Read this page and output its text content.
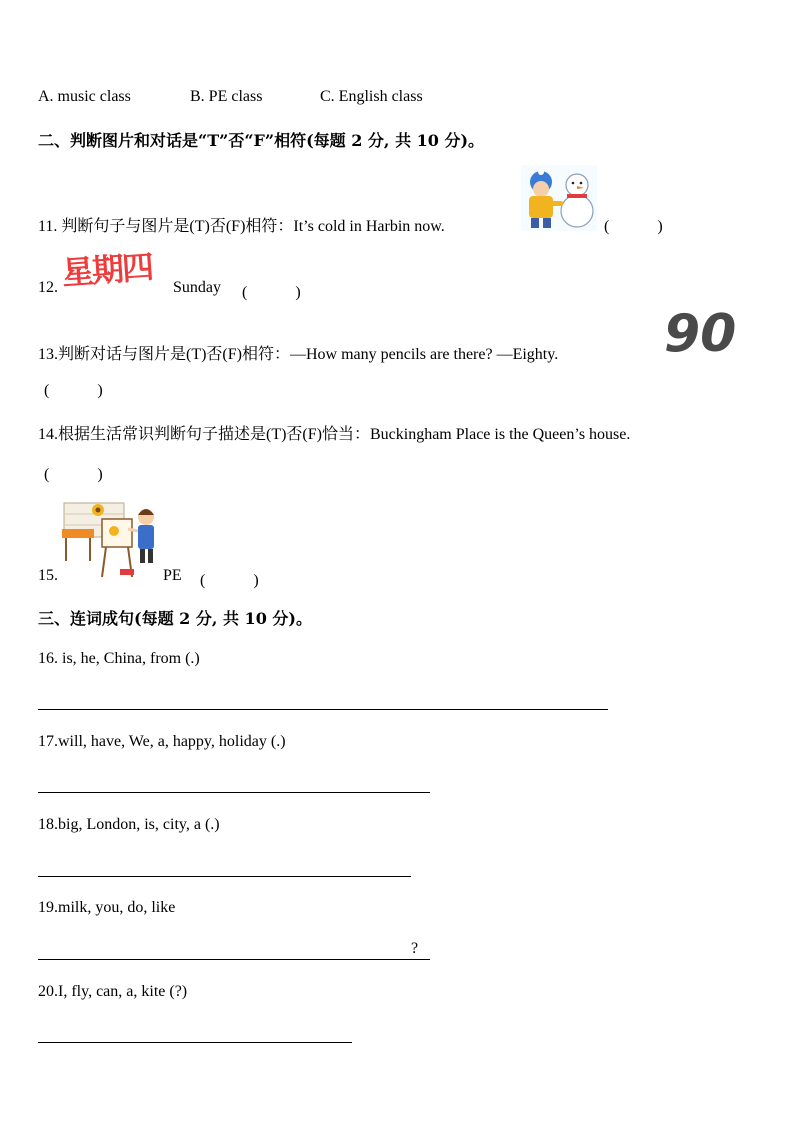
A. music class	B. PE class	C. English class
二、判断图片和对话是“T”否“F”相符(每题 2 分, 共 10 分)。
11. 判断句子与图片是(T)否(F)相符：It’s cold in Harbin now.	(　　　)
12. 星期四 Sunday (　　　)
13.判断对话与图片是(T)否(F)相符：—How many pencils are there? —Eighty. 90
(　　　)
14.根据生活常识判断句子描述是(T)否(F)恰当：Buckingham Place is the Queen’s house.
(　　　)
15.	PE (　　　)
三、连词成句(每题 2 分, 共 10 分)。
16. is, he, China, from (.)
17.will, have, We, a, happy, holiday (.)
18.big, London, is, city, a (.)
19.milk, you, do, like
?
20.I, fly, can, a, kite (?)
